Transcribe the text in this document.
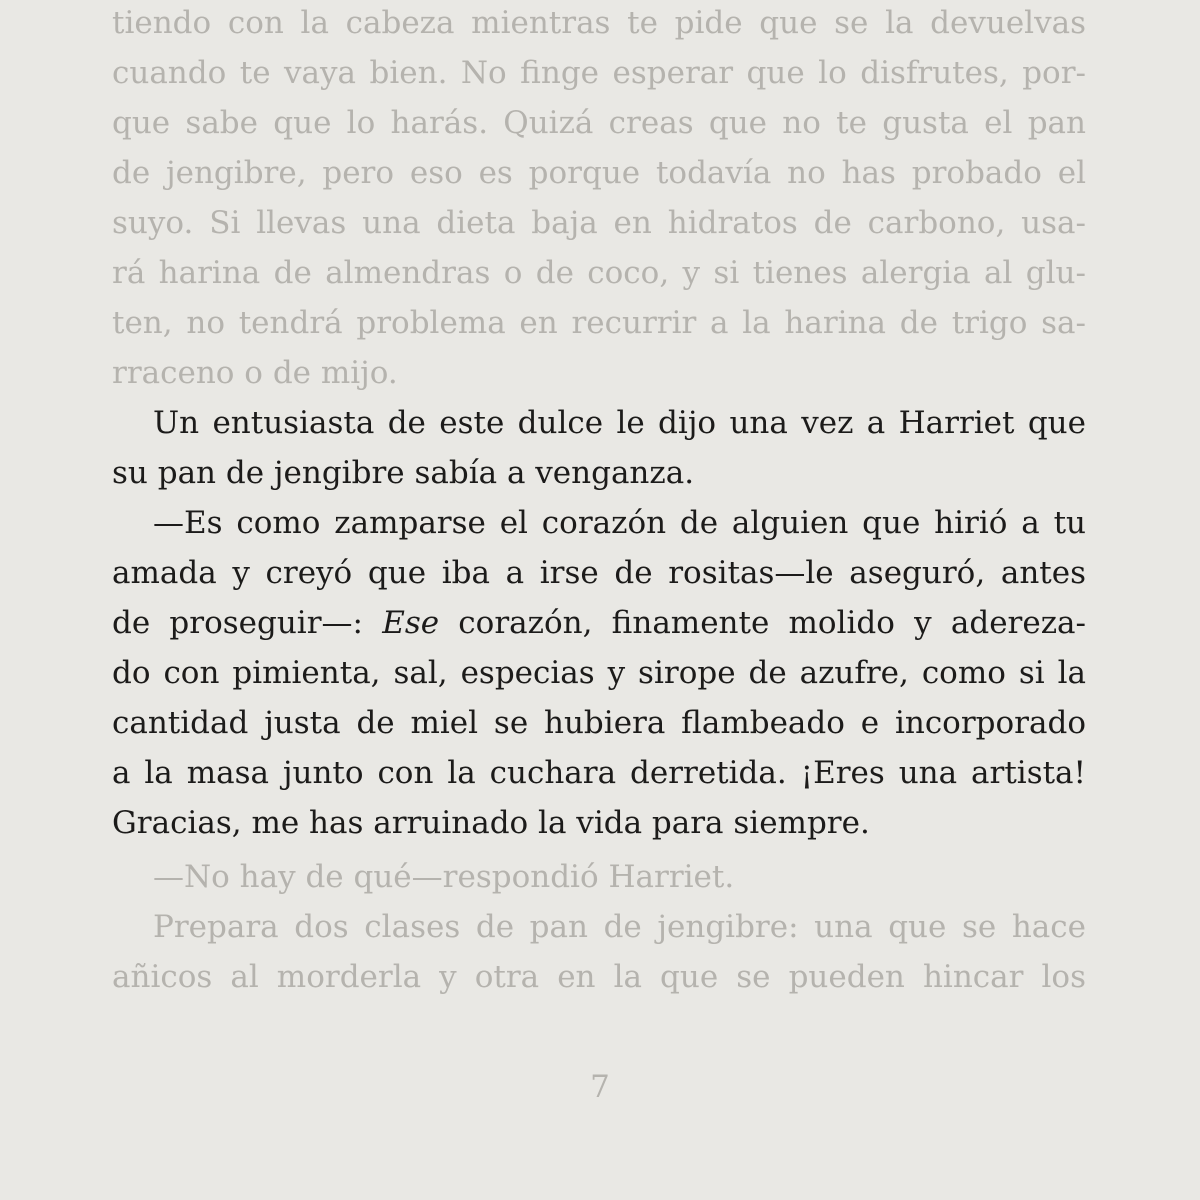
tiendo con la cabeza mientras te pide que se la devuelvas
cuando te vaya bien. No finge esperar que lo disfrutes, por-
que sabe que lo harás. Quizá creas que no te gusta el pan
de jengibre, pero eso es porque todavía no has probado el
suyo. Si llevas una dieta baja en hidratos de carbono, usa-
rá harina de almendras o de coco, y si tienes alergia al glu-
ten, no tendrá problema en recurrir a la harina de trigo sa-
rraceno o de mijo.
Un entusiasta de este dulce le dijo una vez a Harriet que
su pan de jengibre sabía a venganza.
—Es como zamparse el corazón de alguien que hirió a tu
amada y creyó que iba a irse de rositas—le aseguró, antes
de proseguir—: Ese corazón, finamente molido y adereza-
do con pimienta, sal, especias y sirope de azufre, como si la
cantidad justa de miel se hubiera flambeado e incorporado
a la masa junto con la cuchara derretida. ¡Eres una artista!
Gracias, me has arruinado la vida para siempre.
—No hay de qué—respondió Harriet.
Prepara dos clases de pan de jengibre: una que se hace
añicos al morderla y otra en la que se pueden hincar los
7
